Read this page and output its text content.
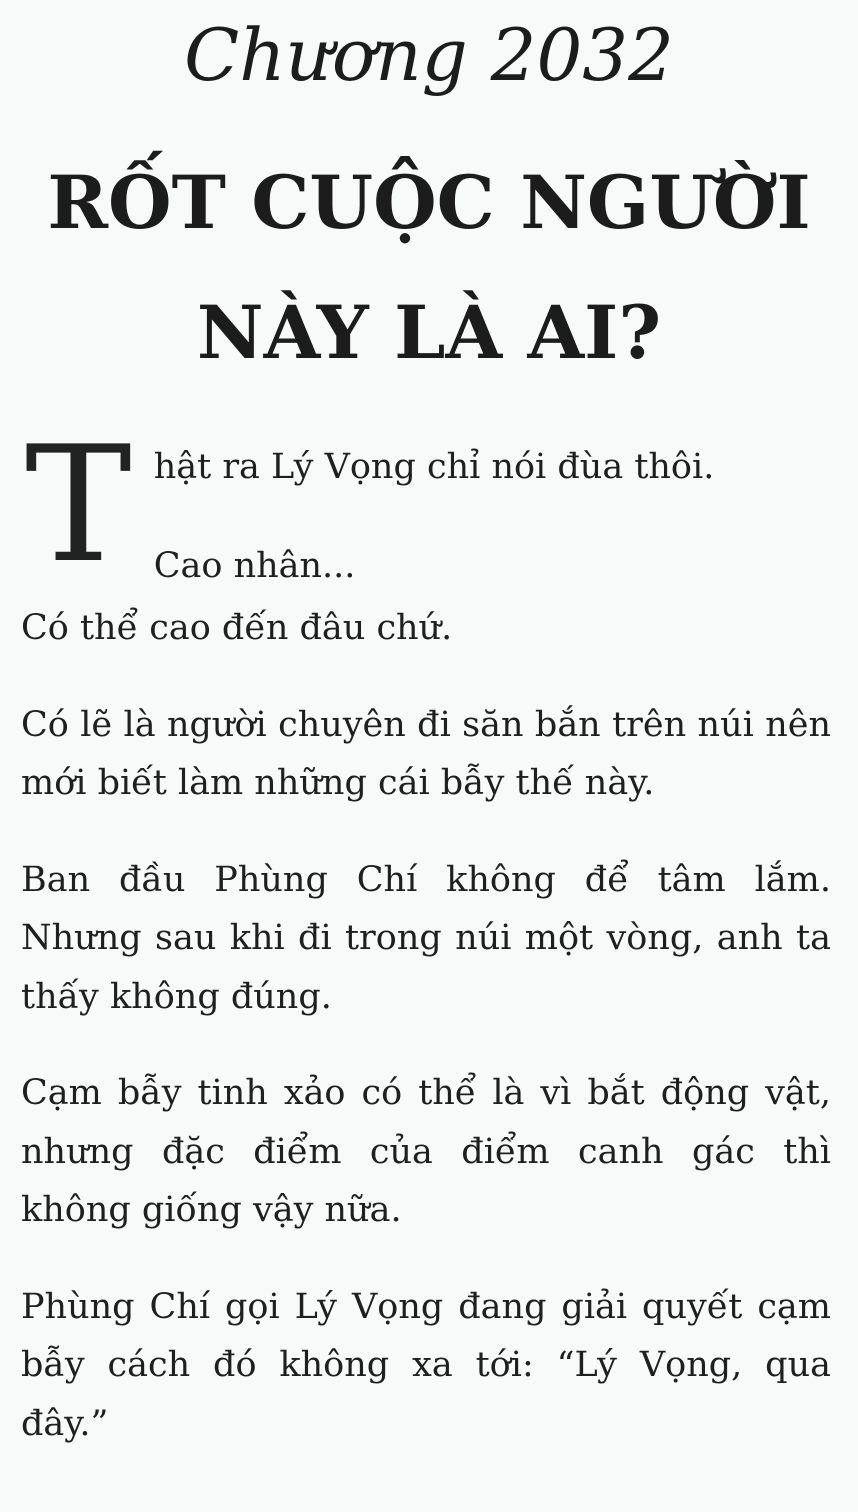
Chương 2032
RỐT CUỘC NGƯỜI NÀY LÀ AI?
T hật ra Lý Vọng chỉ nói đùa thôi.

Cao nhân...

Có thể cao đến đâu chứ.

Có lẽ là người chuyên đi săn bắn trên núi nên mới biết làm những cái bẫy thế này.

Ban đầu Phùng Chí không để tâm lắm. Nhưng sau khi đi trong núi một vòng, anh ta thấy không đúng.

Cạm bẫy tinh xảo có thể là vì bắt động vật, nhưng đặc điểm của điểm canh gác thì không giống vậy nữa.

Phùng Chí gọi Lý Vọng đang giải quyết cạm bẫy cách đó không xa tới: “Lý Vọng, qua đây.”
